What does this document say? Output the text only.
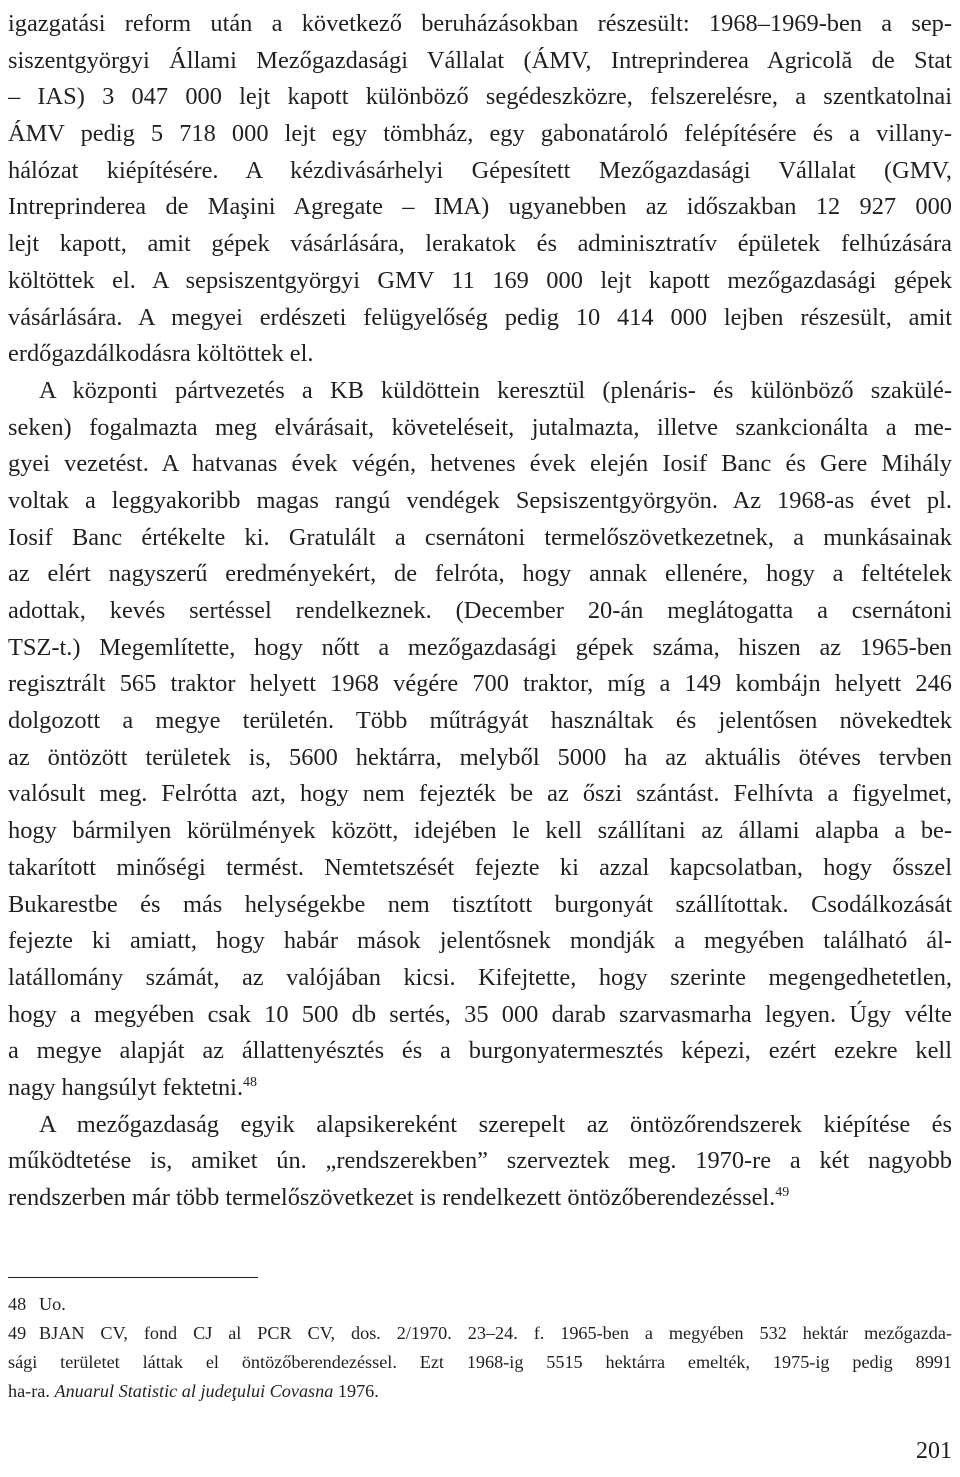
igazgatási reform után a következő beruházásokban részesült: 1968–1969-ben a sep-
siszentgyörgyi Állami Mezőgazdasági Vállalat (ÁMV, Intreprinderea Agricolă de Stat
– IAS) 3 047 000 lejt kapott különböző segédeszközre, felszerelésre, a szentkatolnai
ÁMV pedig 5 718 000 lejt egy tömbház, egy gabonatároló felépítésére és a villany-
hálózat kiépítésére. A kézdivásárhelyi Gépesített Mezőgazdasági Vállalat (GMV,
Intreprinderea de Maşini Agregate – IMA) ugyanebben az időszakban 12 927 000
lejt kapott, amit gépek vásárlására, lerakatok és adminisztratív épületek felhúzására
költöttek el. A sepsiszentgyörgyi GMV 11 169 000 lejt kapott mezőgazdasági gépek
vásárlására. A megyei erdészeti felügyelőség pedig 10 414 000 lejben részesült, amit
erdőgazdálkodásra költöttek el.
A központi pártvezetés a KB küldöttein keresztül (plenáris- és különböző szakülé-
seken) fogalmazta meg elvárásait, követeléseit, jutalmazta, illetve szankcionálta a me-
gyei vezetést. A hatvanas évek végén, hetvenes évek elején Iosif Banc és Gere Mihály
voltak a leggyakoribb magas rangú vendégek Sepsiszentgyörgyön. Az 1968-as évet pl.
Iosif Banc értékelte ki. Gratulált a csernátoni termelőszövetkezetnek, a munkásainak
az elért nagyszerű eredményekért, de felróta, hogy annak ellenére, hogy a feltételek
adottak, kevés sertéssel rendelkeznek. (December 20-án meglátogatta a csernátoni
TSZ-t.) Megemlítette, hogy nőtt a mezőgazdasági gépek száma, hiszen az 1965-ben
regisztrált 565 traktor helyett 1968 végére 700 traktor, míg a 149 kombájn helyett 246
dolgozott a megye területén. Több műtrágyát használtak és jelentősen növekedtek
az öntözött területek is, 5600 hektárra, melyből 5000 ha az aktuális ötéves tervben
valósult meg. Felrótta azt, hogy nem fejezték be az őszi szántást. Felhívta a figyelmet,
hogy bármilyen körülmények között, idejében le kell szállítani az állami alapba a be-
takarított minőségi termést. Nemtetszését fejezte ki azzal kapcsolatban, hogy ősszel
Bukarestbe és más helységekbe nem tisztított burgonyát szállítottak. Csodálkozását
fejezte ki amiatt, hogy habár mások jelentősnek mondják a megyében található ál-
latállomány számát, az valójában kicsi. Kifejtette, hogy szerinte megengedhetetlen,
hogy a megyében csak 10 500 db sertés, 35 000 darab szarvasmarha legyen. Úgy vélte
a megye alapját az állattenyésztés és a burgonyatermesztés képezi, ezért ezekre kell
nagy hangsúlyt fektetni.$^{48}$
A mezőgazdaság egyik alapsikereként szerepelt az öntözőrendszerek kiépítése és
működtetése is, amiket ún. „rendszerekben” szerveztek meg. 1970-re a két nagyobb
rendszerben már több termelőszövetkezet is rendelkezett öntözőberendezéssel.$^{49}$
48 Uo.
49 BJAN CV, fond CJ al PCR CV, dos. 2/1970. 23–24. f. 1965-ben a megyében 532 hektár mezőgazda-
sági területet láttak el öntözőberendezéssel. Ezt 1968-ig 5515 hektárra emelték, 1975-ig pedig 8991
ha-ra. Anuarul Statistic al judeţului Covasna 1976.
201
